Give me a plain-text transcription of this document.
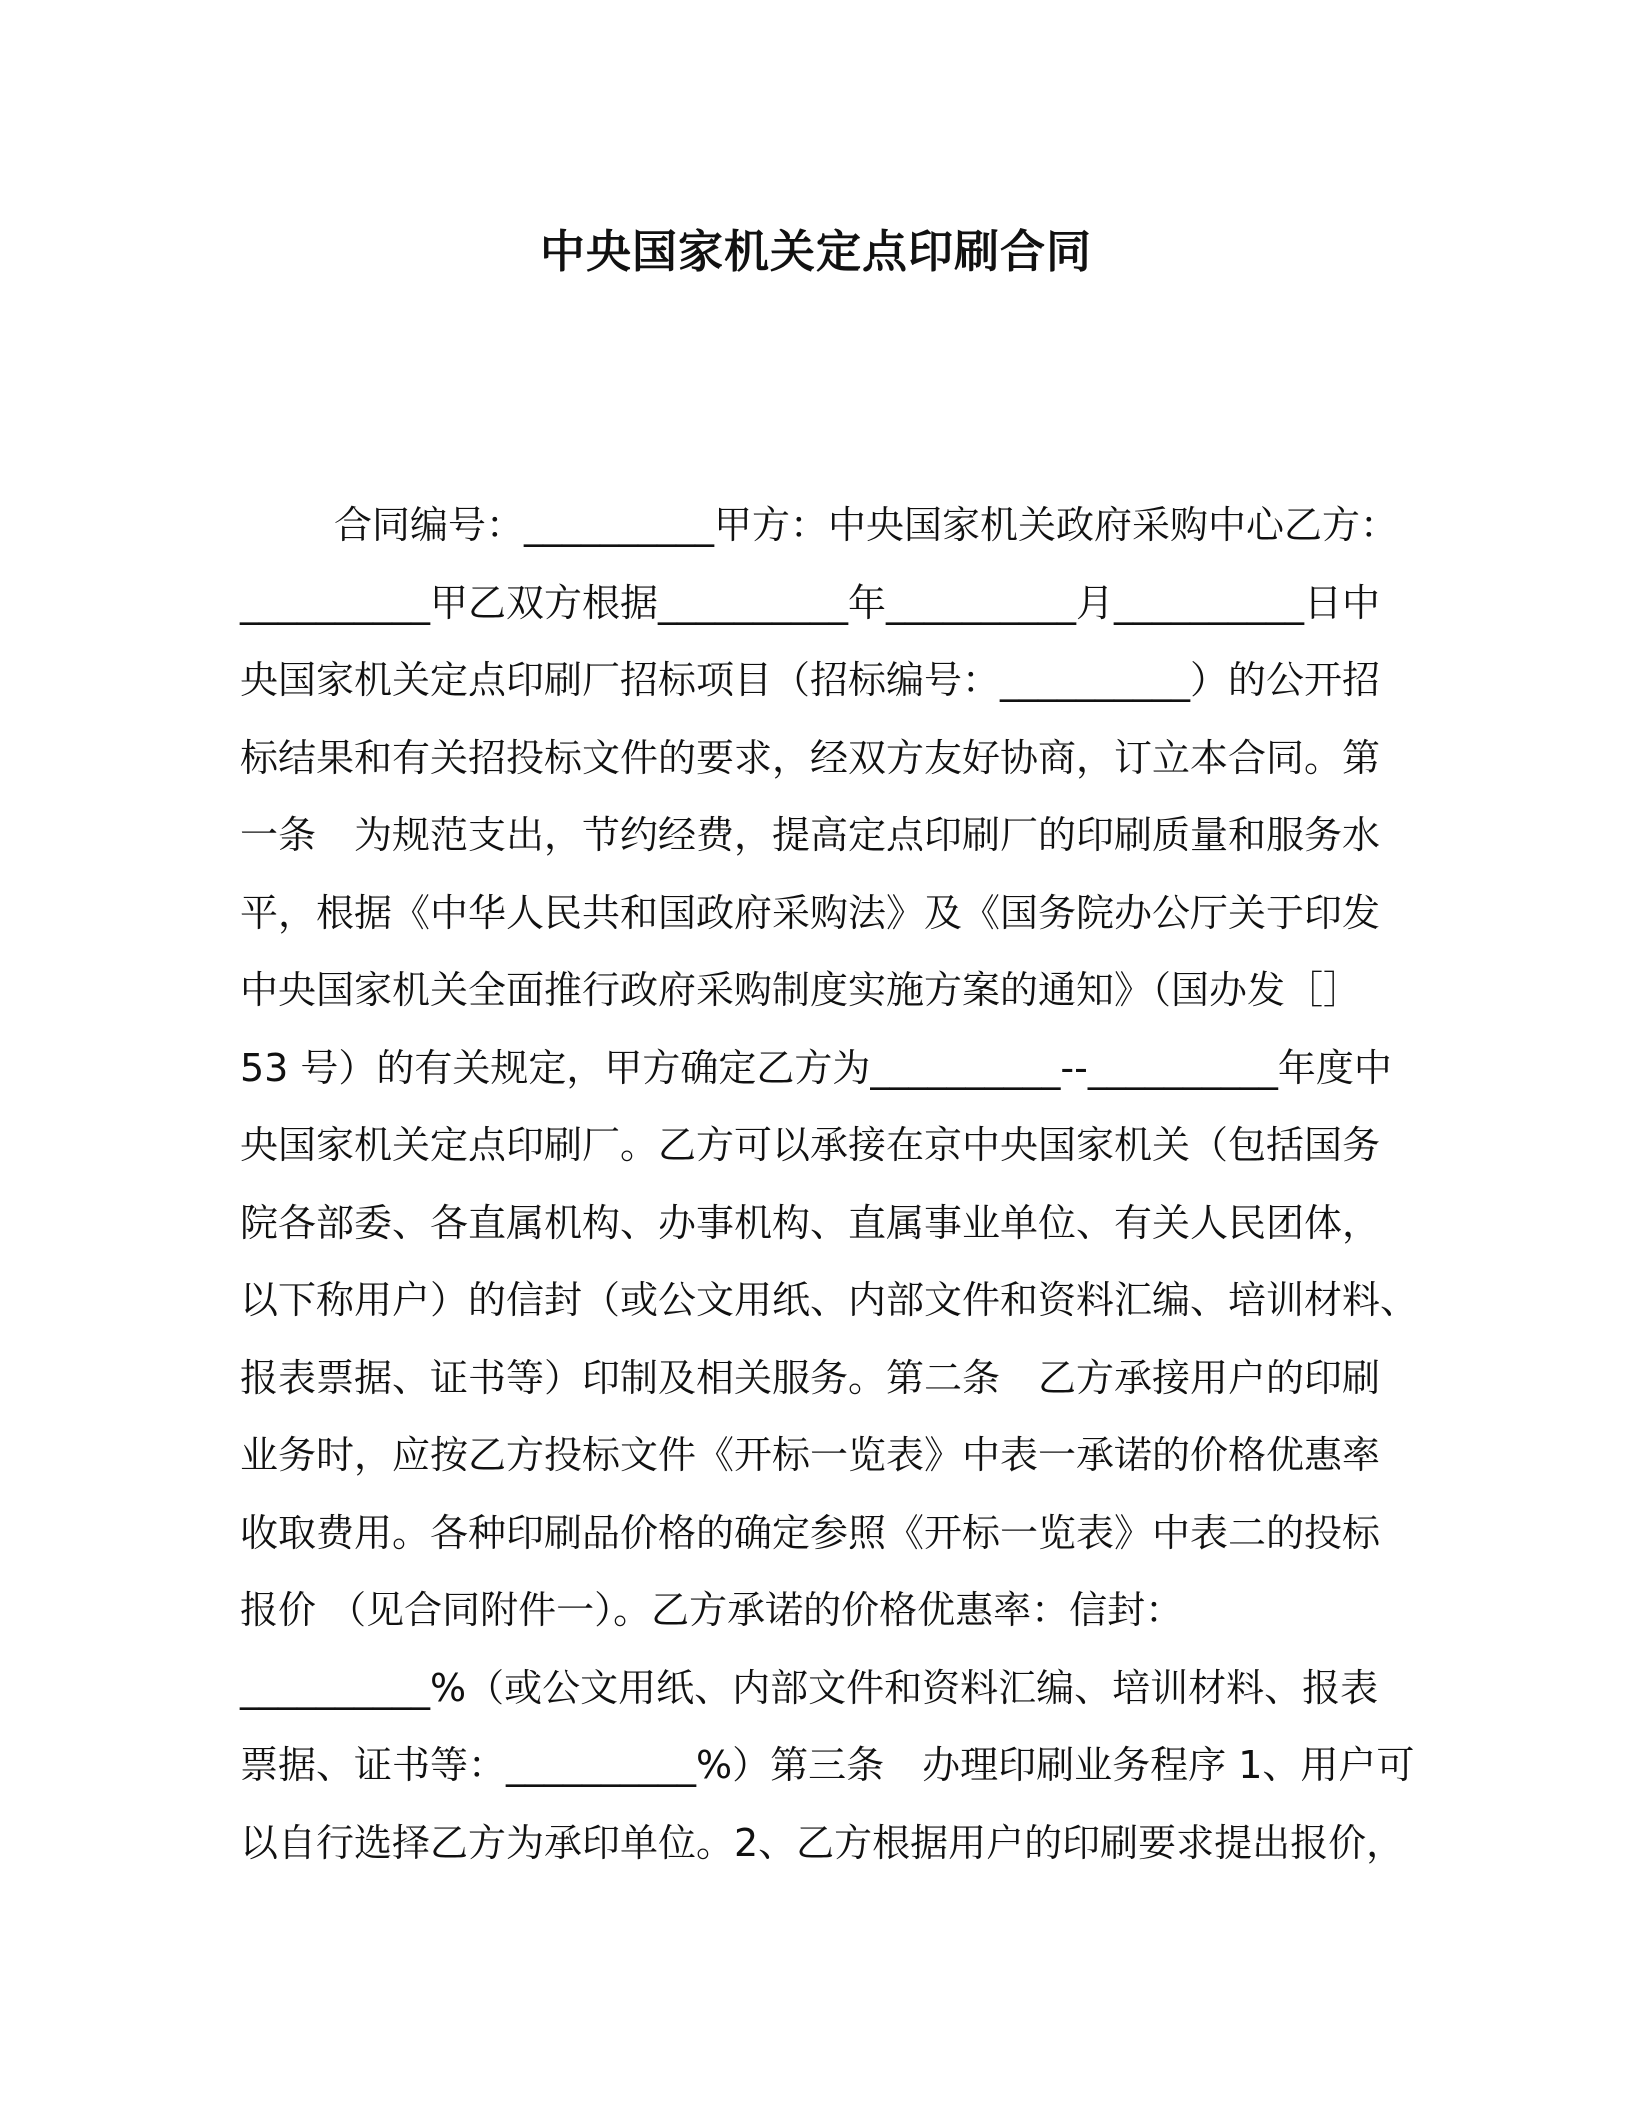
中央国家机关定点印刷合同
合同编号：__________甲方：中央国家机关政府采购中心乙方：
__________甲乙双方根据__________年__________月__________日中
央国家机关定点印刷厂招标项目（招标编号：__________）的公开招
标结果和有关招投标文件的要求，经双方友好协商，订立本合同。第
一条　为规范支出，节约经费，提高定点印刷厂的印刷质量和服务水
平，根据《中华人民共和国政府采购法》及《国务院办公厅关于印发
中央国家机关全面推行政府采购制度实施方案的通知》（国办发［］
53 号）的有关规定，甲方确定乙方为__________--__________年度中
央国家机关定点印刷厂。乙方可以承接在京中央国家机关（包括国务
院各部委、各直属机构、办事机构、直属事业单位、有关人民团体，
以下称用户）的信封（或公文用纸、内部文件和资料汇编、培训材料、
报表票据、证书等）印制及相关服务。第二条　乙方承接用户的印刷
业务时，应按乙方投标文件《开标一览表》中表一承诺的价格优惠率
收取费用。各种印刷品价格的确定参照《开标一览表》中表二的投标
报价 （见合同附件一）。乙方承诺的价格优惠率：信封：
__________%（或公文用纸、内部文件和资料汇编、培训材料、报表
票据、证书等：__________%）第三条　办理印刷业务程序 1、用户可
以自行选择乙方为承印单位。2、乙方根据用户的印刷要求提出报价，
